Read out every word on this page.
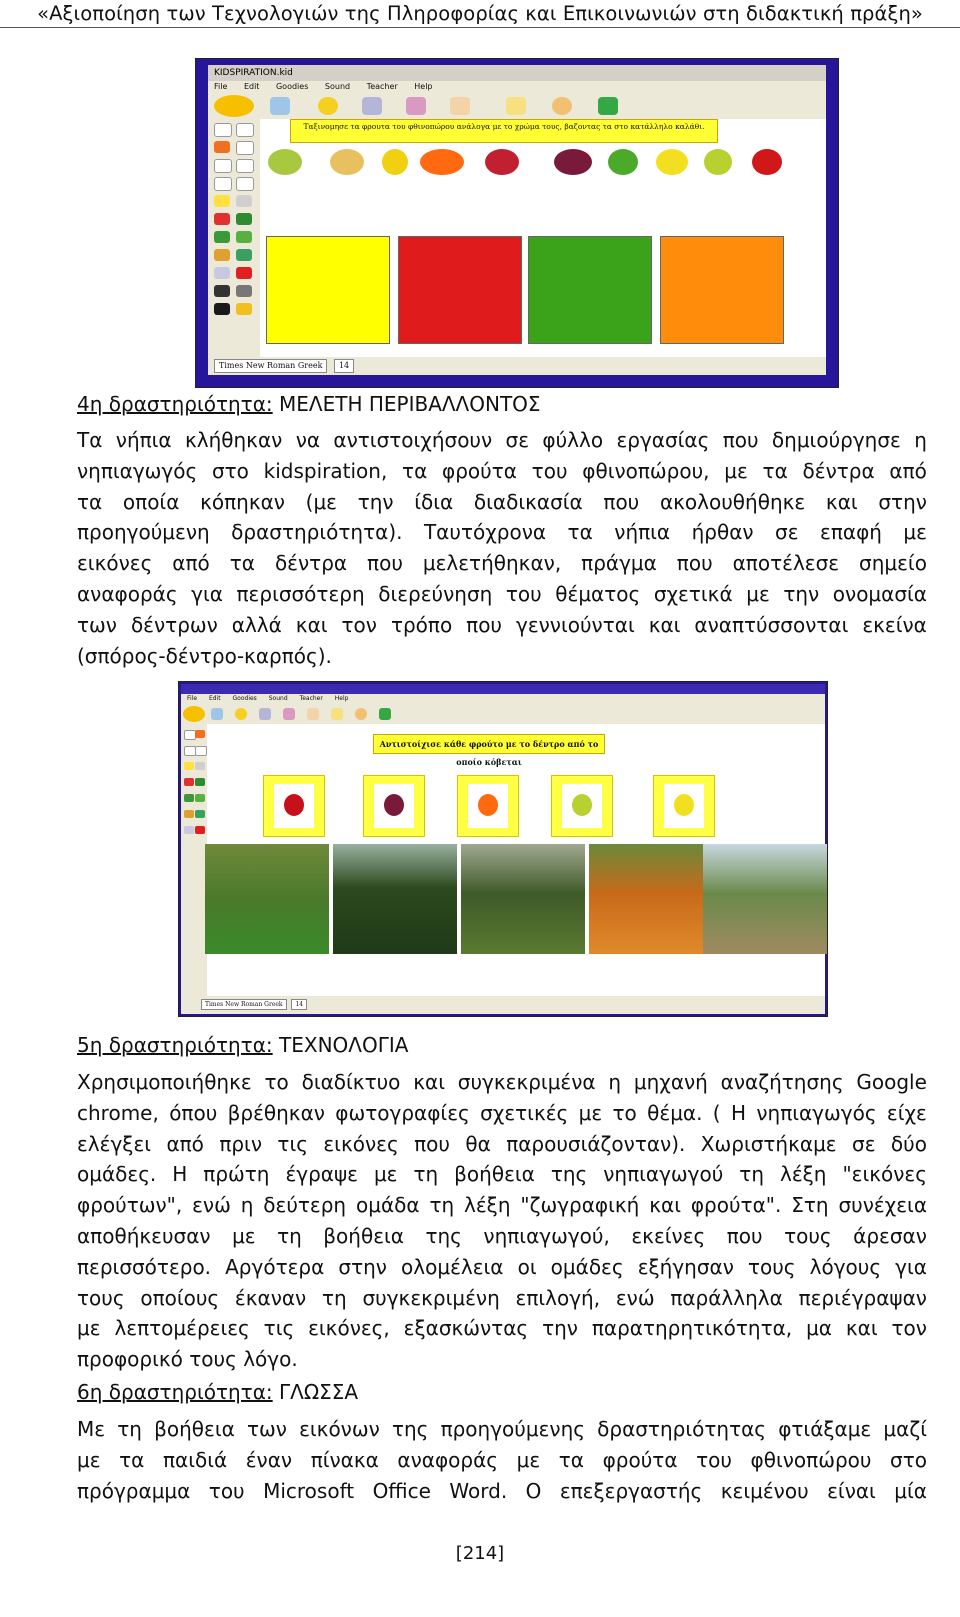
«Αξιοποίηση των Τεχνολογιών της Πληροφορίας και Επικοινωνιών στη διδακτική πράξη»
KIDSPIRATION.kid
File Edit Goodies Sound Teacher Help
Ταξινομησε τα φρουτα του φθινοπώρου ανάλογα με το χρώμα τους, βαζοντας τα στο κατάλληλο καλάθι.
Times New Roman Greek 14
4η δραστηριότητα: ΜΕΛΕΤΗ ΠΕΡΙΒΑΛΛΟΝΤΟΣ
Τα νήπια κλήθηκαν να αντιστοιχήσουν σε φύλλο εργασίας που δημιούργησε η
νηπιαγωγός στο kidspiration, τα φρούτα του φθινοπώρου, με τα δέντρα από
τα οποία κόπηκαν (με την ίδια διαδικασία που ακολουθήθηκε και στην
προηγούμενη δραστηριότητα). Ταυτόχρονα τα νήπια ήρθαν σε επαφή με
εικόνες από τα δέντρα που μελετήθηκαν, πράγμα που αποτέλεσε σημείο
αναφοράς για περισσότερη διερεύνηση του θέματος σχετικά με την ονομασία
των δέντρων αλλά και τον τρόπο που γεννιούνται και αναπτύσσονται εκείνα
(σπόρος-δέντρο-καρπός).
File Edit Goodies Sound Teacher Help
Αντιστοίχισε κάθε φρούτο με το δέντρο από το οποίο κόβεται
Times New Roman Greek 14
5η δραστηριότητα: ΤΕΧΝΟΛΟΓΙΑ
Χρησιμοποιήθηκε το διαδίκτυο και συγκεκριμένα η μηχανή αναζήτησης Google
chrome, όπου βρέθηκαν φωτογραφίες σχετικές με το θέμα. ( Η νηπιαγωγός είχε
ελέγξει από πριν τις εικόνες που θα παρουσιάζονταν). Χωριστήκαμε σε δύο
ομάδες. Η πρώτη έγραψε με τη βοήθεια της νηπιαγωγού τη λέξη "εικόνες
φρούτων", ενώ η δεύτερη ομάδα τη λέξη "ζωγραφική και φρούτα". Στη συνέχεια
αποθήκευσαν με τη βοήθεια της νηπιαγωγού, εκείνες που τους άρεσαν
περισσότερο. Αργότερα στην ολομέλεια οι ομάδες εξήγησαν τους λόγους για
τους οποίους έκαναν τη συγκεκριμένη επιλογή, ενώ παράλληλα περιέγραψαν
με λεπτομέρειες τις εικόνες, εξασκώντας την παρατηρητικότητα, μα και τον
προφορικό τους λόγο.
6η δραστηριότητα: ΓΛΩΣΣΑ
Με τη βοήθεια των εικόνων της προηγούμενης δραστηριότητας φτιάξαμε μαζί
με τα παιδιά έναν πίνακα αναφοράς με τα φρούτα του φθινοπώρου στο
πρόγραμμα του Microsoft Office Word. Ο επεξεργαστής κειμένου είναι μία
[214]
